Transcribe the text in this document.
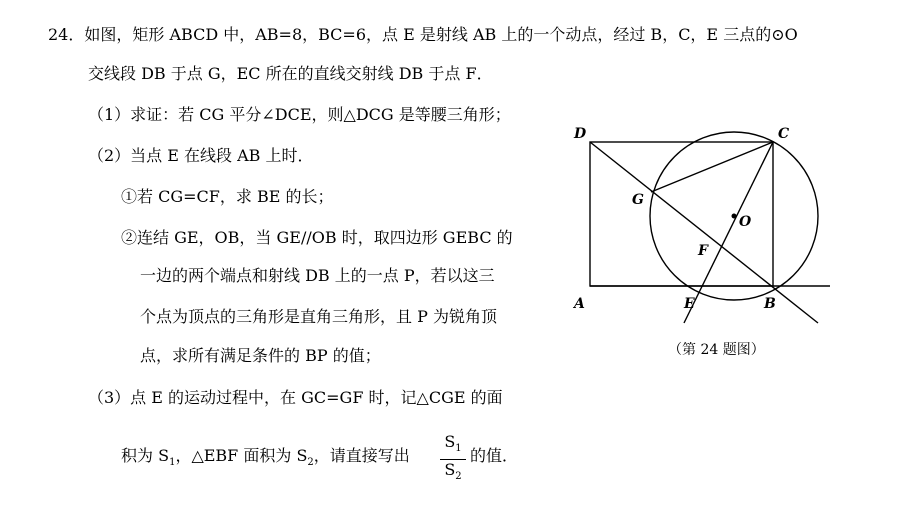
24．如图，矩形 ABCD 中，AB=8，BC=6，点 E 是射线 AB 上的一个动点，经过 B，C，E 三点的⊙O
交线段 DB 于点 G，EC 所在的直线交射线 DB 于点 F．
（1）求证：若 CG 平分∠DCE，则△DCG 是等腰三角形；
（2）当点 E 在线段 AB 上时．
①若 CG=CF，求 BE 的长；
②连结 GE，OB，当 GE//OB 时，取四边形 GEBC 的
一边的两个端点和射线 DB 上的一点 P，若以这三
个点为顶点的三角形是直角三角形，且 P 为锐角顶
点，求所有满足条件的 BP 的值；
（3）点 E 的运动过程中，在 GC=GF 时，记△CGE 的面
积为 $S_1$，△EBF 面积为 $S_2$，请直接写出 $\frac{S_1}{S_2}$ 的值．
D	C
G
O
F
A	E	B
（第 24 题图）
